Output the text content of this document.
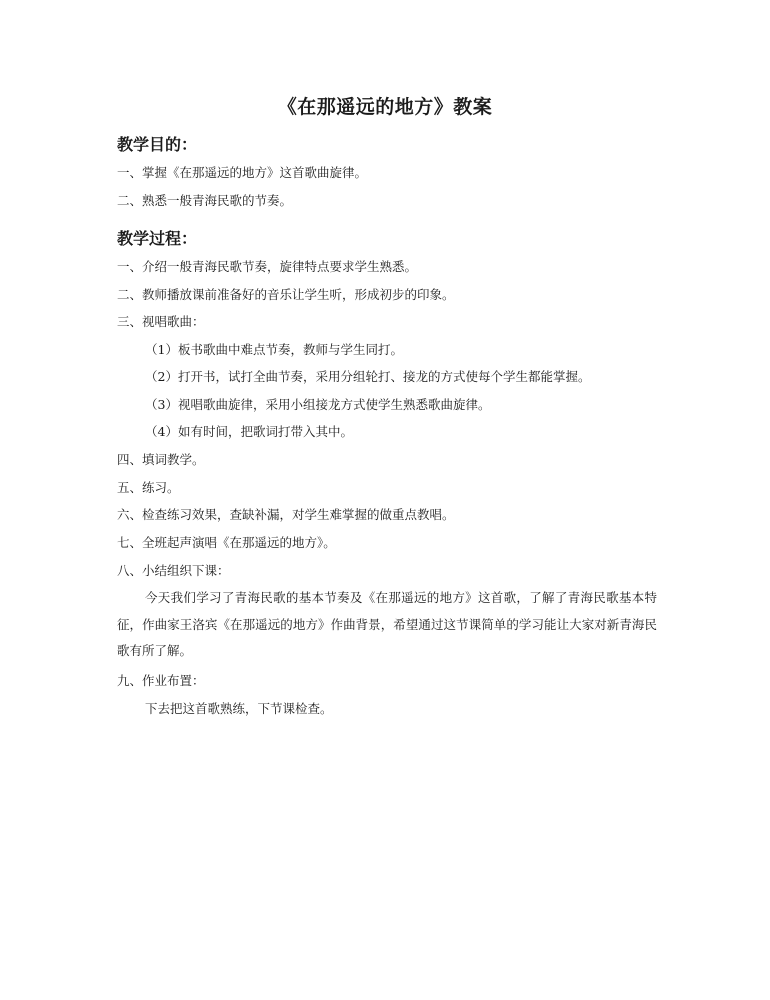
《在那遥远的地方》教案
教学目的：
一、掌握《在那遥远的地方》这首歌曲旋律。
二、熟悉一般青海民歌的节奏。
教学过程：
一、介绍一般青海民歌节奏，旋律特点要求学生熟悉。
二、教师播放课前准备好的音乐让学生听，形成初步的印象。
三、视唱歌曲：
（1）板书歌曲中难点节奏，教师与学生同打。
（2）打开书，试打全曲节奏，采用分组轮打、接龙的方式使每个学生都能掌握。
（3）视唱歌曲旋律，采用小组接龙方式使学生熟悉歌曲旋律。
（4）如有时间，把歌词打带入其中。
四、填词教学。
五、练习。
六、检查练习效果，查缺补漏，对学生难掌握的做重点教唱。
七、全班起声演唱《在那遥远的地方》。
八、小结组织下课：
今天我们学习了青海民歌的基本节奏及《在那遥远的地方》这首歌，了解了青海民歌基本特征，作曲家王洛宾《在那遥远的地方》作曲背景，希望通过这节课简单的学习能让大家对新青海民歌有所了解。
九、作业布置：
下去把这首歌熟练，下节课检查。
